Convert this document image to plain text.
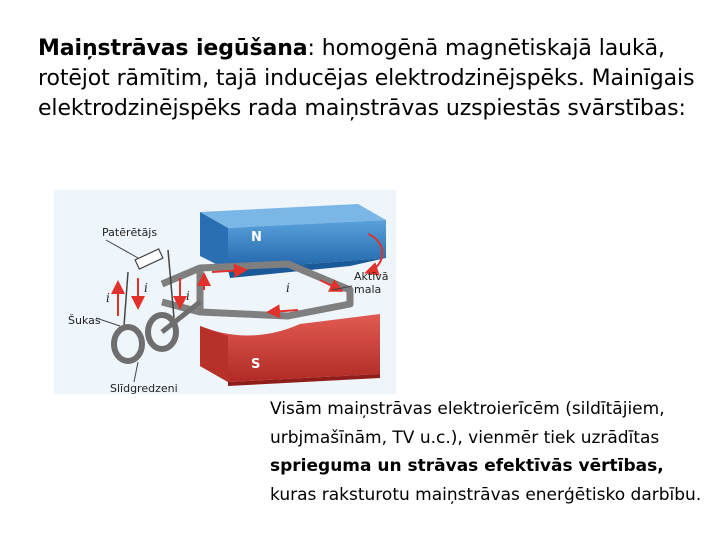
Maiņstrāvas iegūšana: homogēnā magnētiskajā laukā, rotējot rāmītim, tajā inducējas elektrodzinējspēks. Mainīgais elektrodzinējspēks rada maiņstrāvas uzspiestās svārstības:
N
S
Patērētājs
Šukas
Slīdgredzeni
Aktīvā mala
i
i
i
i
Visām maiņstrāvas elektroierīcēm (sildītājiem, urbjmašīnām, TV u.c.), vienmēr tiek uzrādītas sprieguma un strāvas efektīvās vērtības, kuras raksturotu maiņstrāvas enerģētisko darbību.
